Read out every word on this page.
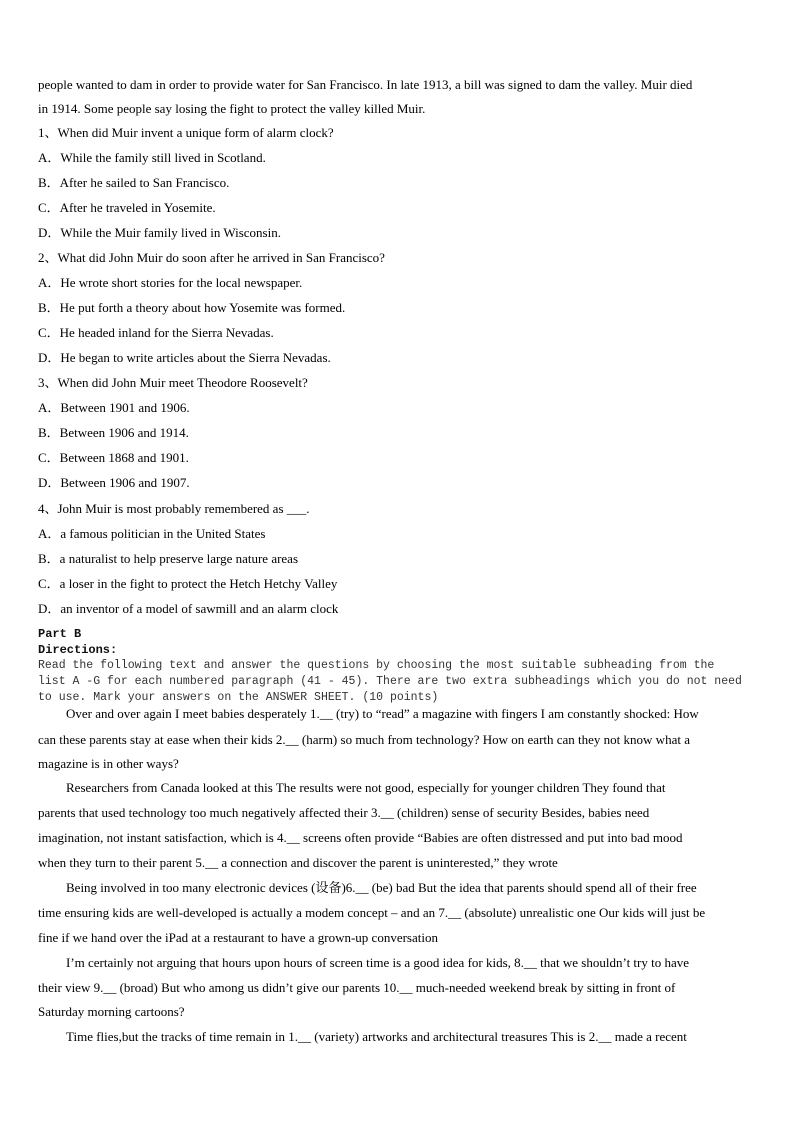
people wanted to dam in order to provide water for San Francisco. In late 1913, a bill was signed to dam the valley. Muir died
in 1914. Some people say losing the fight to protect the valley killed Muir.
1、When did Muir invent a unique form of alarm clock?
A．While the family still lived in Scotland.
B．After he sailed to San Francisco.
C．After he traveled in Yosemite.
D．While the Muir family lived in Wisconsin.
2、What did John Muir do soon after he arrived in San Francisco?
A．He wrote short stories for the local newspaper.
B．He put forth a theory about how Yosemite was formed.
C．He headed inland for the Sierra Nevadas.
D．He began to write articles about the Sierra Nevadas.
3、When did John Muir meet Theodore Roosevelt?
A．Between 1901 and 1906.
B．Between 1906 and 1914.
C．Between 1868 and 1901.
D．Between 1906 and 1907.
4、John Muir is most probably remembered as ___.
A．a famous politician in the United States
B．a naturalist to help preserve large nature areas
C．a loser in the fight to protect the Hetch Hetchy Valley
D．an inventor of a model of sawmill and an alarm clock
Part B
Directions:
Read the following text and answer the questions by choosing the most suitable subheading from the
list A -G for each numbered paragraph (41 - 45). There are two extra subheadings which you do not need
to use. Mark your answers on the ANSWER SHEET. (10 points)
Over and over again I meet babies desperately 1.__ (try) to “read” a magazine with fingers I am constantly shocked: How
can these parents stay at ease when their kids 2.__ (harm) so much from technology? How on earth can they not know what a
magazine is in other ways?
Researchers from Canada looked at this The results were not good, especially for younger children They found that
parents that used technology too much negatively affected their 3.__ (children) sense of security Besides, babies need
imagination, not instant satisfaction, which is 4.__ screens often provide “Babies are often distressed and put into bad mood
when they turn to their parent 5.__ a connection and discover the parent is uninterested,” they wrote
Being involved in too many electronic devices (设备)6.__ (be) bad But the idea that parents should spend all of their free
time ensuring kids are well-developed is actually a modem concept – and an 7.__ (absolute) unrealistic one Our kids will just be
fine if we hand over the iPad at a restaurant to have a grown-up conversation
I’m certainly not arguing that hours upon hours of screen time is a good idea for kids, 8.__ that we shouldn’t try to have
their view 9.__ (broad) But who among us didn’t give our parents 10.__ much-needed weekend break by sitting in front of
Saturday morning cartoons?
Time flies,but the tracks of time remain in 1.__ (variety) artworks and architectural treasures This is 2.__ made a recent
